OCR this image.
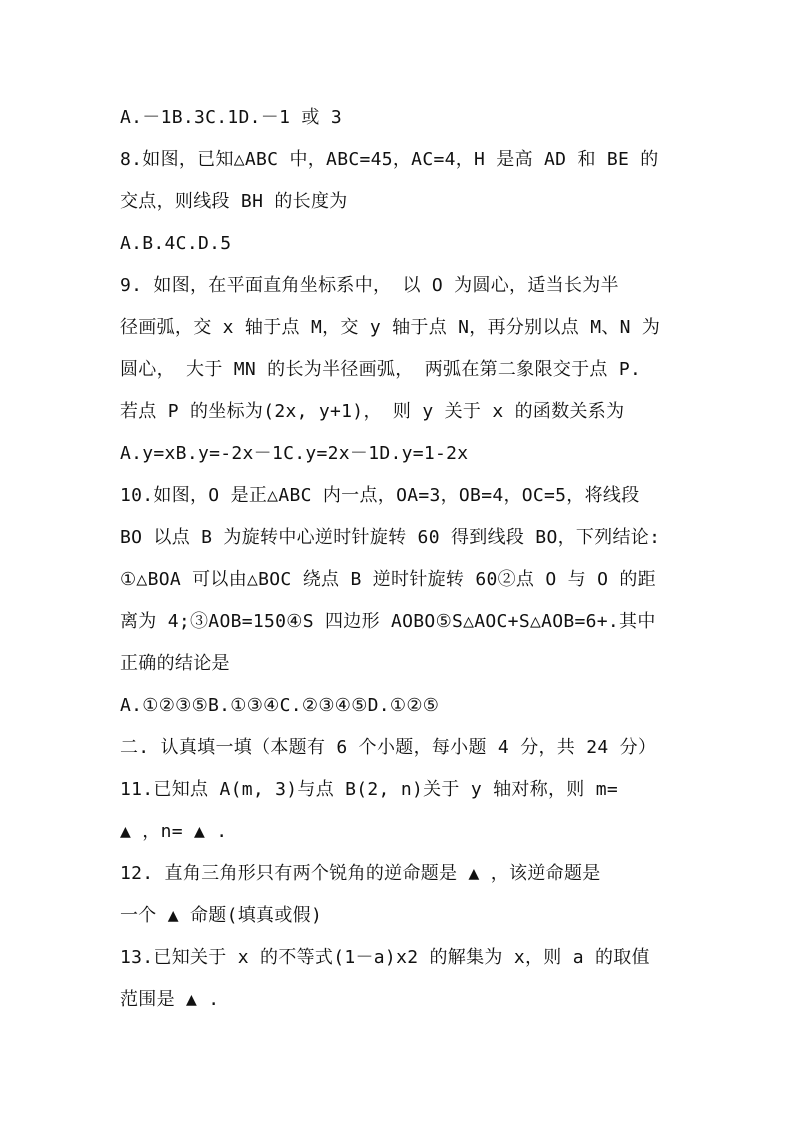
A.－1B.3C.1D.－1 或 3
8.如图，已知△ABC 中，ABC=45，AC=4，H 是高 AD 和 BE 的
交点，则线段 BH 的长度为
A.B.4C.D.5
9. 如图，在平面直角坐标系中， 以 O 为圆心，适当长为半
径画弧，交 x 轴于点 M，交 y 轴于点 N，再分别以点 M、N 为
圆心， 大于 MN 的长为半径画弧， 两弧在第二象限交于点 P.
若点 P 的坐标为(2x, y+1)， 则 y 关于 x 的函数关系为
A.y=xB.y=-2x－1C.y=2x－1D.y=1-2x
10.如图，O 是正△ABC 内一点，OA=3，OB=4，OC=5，将线段
BO 以点 B 为旋转中心逆时针旋转 60 得到线段 BO，下列结论:
①△BOA 可以由△BOC 绕点 B 逆时针旋转 60②点 O 与 O 的距
离为 4;③AOB=150④S 四边形 AOBO⑤S△AOC+S△AOB=6+.其中
正确的结论是
A.①②③⑤B.①③④C.②③④⑤D.①②⑤
二. 认真填一填（本题有 6 个小题，每小题 4 分，共 24 分）
11.已知点 A(m, 3)与点 B(2, n)关于 y 轴对称，则 m=
▲ ，n= ▲ .
12. 直角三角形只有两个锐角的逆命题是 ▲ ，该逆命题是
一个 ▲ 命题(填真或假)
13.已知关于 x 的不等式(1－a)x2 的解集为 x，则 a 的取值
范围是 ▲ .
